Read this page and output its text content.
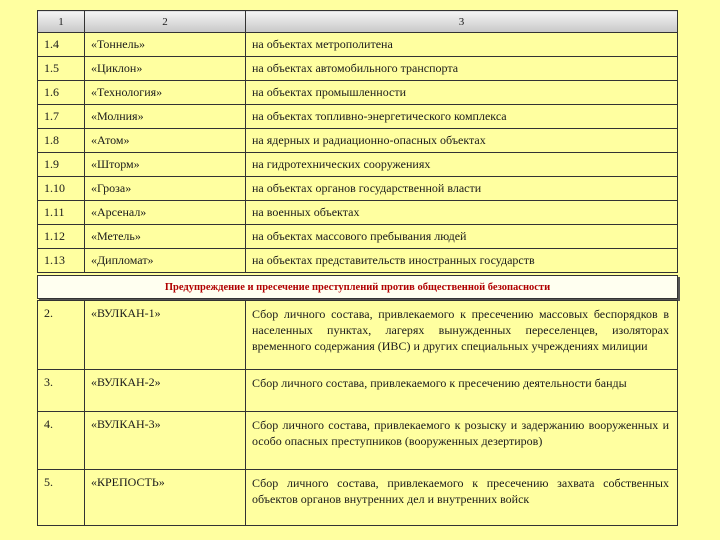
1	2	3
1.4	«Тоннель»	на объектах метрополитена
1.5	«Циклон»	на объектах автомобильного транспорта
1.6	«Технология»	на объектах промышленности
1.7	«Молния»	на объектах топливно-энергетического комплекса
1.8	«Атом»	на ядерных и радиационно-опасных объектах
1.9	«Шторм»	на гидротехнических сооружениях
1.10	«Гроза»	на объектах органов государственной власти
1.11	«Арсенал»	на военных объектах
1.12	«Метель»	на объектах массового пребывания людей
1.13	«Дипломат»	на объектах представительств иностранных государств
Предупреждение и пресечение преступлений против общественной безопасности
2.	«ВУЛКАН-1»	Сбор личного состава, привлекаемого к пресечению массовых беспорядков в населенных пунктах, лагерях вынужденных переселенцев, изоляторах временного содержания (ИВС) и других специальных учреждениях милиции
3.	«ВУЛКАН-2»	Сбор личного состава, привлекаемого к пресечению деятельности банды
4.	«ВУЛКАН-3»	Сбор личного состава, привлекаемого к розыску и задержанию вооруженных и особо опасных преступников (вооруженных дезертиров)
5.	«КРЕПОСТЬ»	Сбор личного состава, привлекаемого к пресечению захвата собственных объектов органов внутренних дел и внутренних войск
